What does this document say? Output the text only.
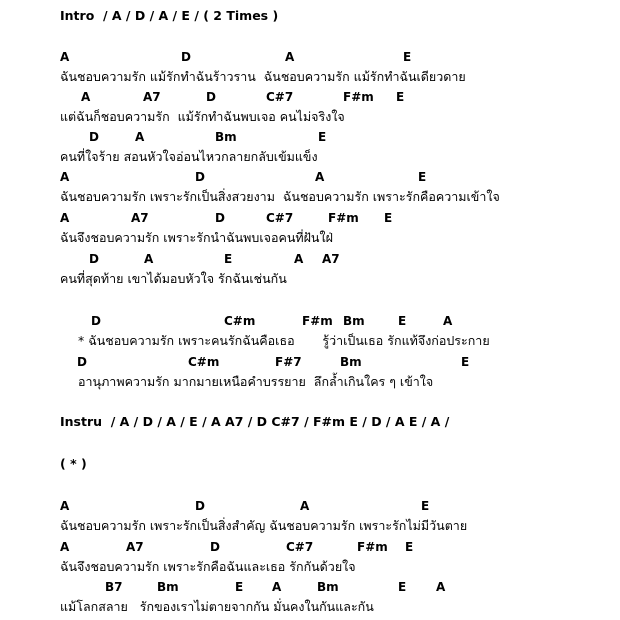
Intro  / A / D / A / E / ( 2 Times )
A	D	A	E
ฉันชอบความรัก แม้รักทำฉันร้าวราน  ฉันชอบความรัก แม้รักทำฉันเดียวดาย
A	A7	D	C#7	F#m E
แต่ฉันก็ชอบความรัก  แม้รักทำฉันพบเจอ คนไม่จริงใจ
D	A	Bm	E
คนที่ใจร้าย สอนหัวใจอ่อนไหวกลายกลับเข้มแข็ง
A	D	A	E
ฉันชอบความรัก เพราะรักเป็นสิ่งสวยงาม  ฉันชอบความรัก เพราะรักคือความเข้าใจ
A	A7	D	C#7	F#m E
ฉันจึงชอบความรัก เพราะรักนำฉันพบเจอคนที่ฝันใฝ่
D	A	E	A A7
คนที่สุดท้าย เขาได้มอบหัวใจ รักฉันเช่นกัน
D	C#m	F#m Bm	E	A
* ฉันชอบความรัก เพราะคนรักฉันคือเธอ       รู้ว่าเป็นเธอ รักแท้จึงก่อประกาย
D	C#m	F#7	Bm	E
อานุภาพความรัก มากมายเหนือคำบรรยาย  ลึกล้ำเกินใคร ๆ เข้าใจ
Instru  / A / D / A / E / A A7 / D C#7 / F#m E / D / A E / A /
( * )
A	D	A	E
ฉันชอบความรัก เพราะรักเป็นสิ่งสำคัญ ฉันชอบความรัก เพราะรักไม่มีวันตาย
A	A7	D	C#7	F#m E
ฉันจึงชอบความรัก เพราะรักคือฉันและเธอ รักกันด้วยใจ
B7	Bm	E A	Bm	E A
แม้โลกสลาย   รักของเราไม่ตายจากกัน มั่นคงในกันและกัน
